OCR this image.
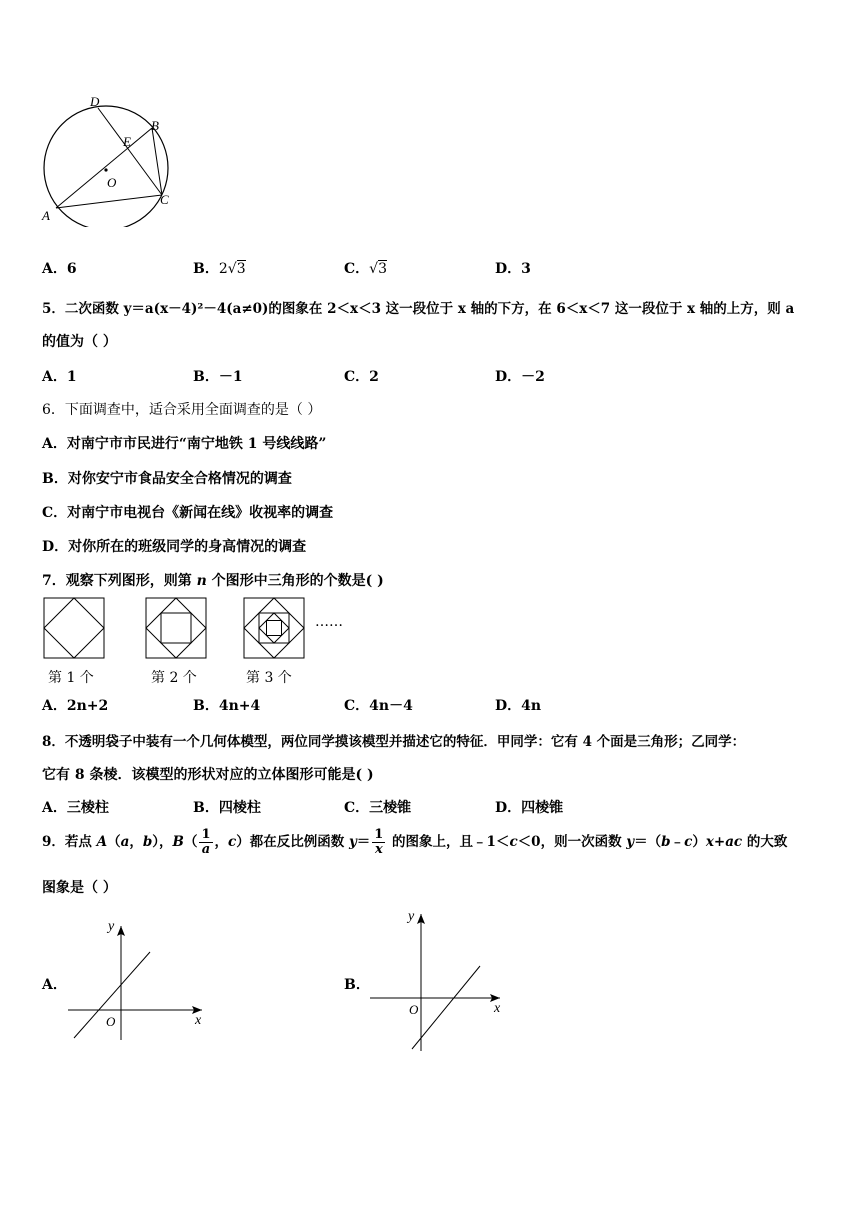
D
B
E
O
C
A
A．6	B．2√3	C．√3	D．3
5．二次函数 y＝a(x－4)²－4(a≠0)的图象在 2＜x＜3 这一段位于 x 轴的下方，在 6＜x＜7 这一段位于 x 轴的上方，则 a
的值为（ ）
A．1	B．－1	C．2	D．－2
6．下面调查中，适合采用全面调查的是（ ）
A．对南宁市市民进行“南宁地铁 1 号线线路”
B．对你安宁市食品安全合格情况的调查
C．对南宁市电视台《新闻在线》收视率的调查
D．对你所在的班级同学的身高情况的调查
7．观察下列图形，则第 n 个图形中三角形的个数是( )
……
第 1 个	第 2 个	第 3 个
A．2n+2	B．4n+4	C．4n－4	D．4n
8．不透明袋子中装有一个几何体模型，两位同学摸该模型并描述它的特征．甲同学：它有 4 个面是三角形；乙同学：
它有 8 条棱．该模型的形状对应的立体图形可能是( )
A．三棱柱	B．四棱柱	C．三棱锥	D．四棱锥
9．若点 A（a，b），$B( \frac{1}{a}$ ，c）都在反比例函数 $y= \frac{1}{x}$ 的图象上，且﹣1＜c＜0，则一次函数 y＝（b﹣c）x+ac 的大致
图象是（ ）
A．
y
x
O
B．
y
x
O
